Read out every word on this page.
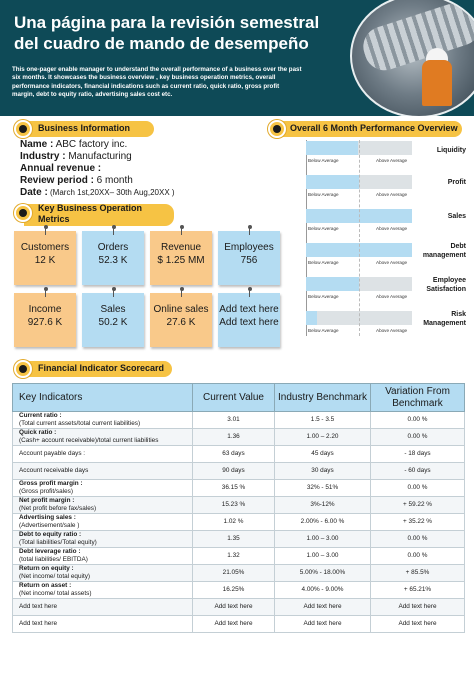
Una página para la revisión semestral del cuadro de mando de desempeño
This one-pager enable manager to understand the overall performance of a business over the past six months. It showcases the business overview , key business operation metrics, overall performance indicators, financial indications such as current ratio, quick ratio, gross profit margin, debt to equity ratio, advertising sales cost etc.
Business Information
Name : ABC factory inc.
Industry : Manufacturing
Annual revenue :
Review period : 6 month
Date : (March 1st,20XX– 30th Aug,20XX )
Key Business Operation Metrics
Customers
12 K
Orders
52.3 K
Revenue
$ 1.25 MM
Employees
756
Income
927.6 K
Sales
50.2 K
Online sales
27.6 K
Add text here
Add text here
Overall 6 Month Performance Overview
Below Average	Above Average
Liquidity
Below Average	Above Average
Profit
Below Average	Above Average
Sales
Below Average	Above Average
Debt management
Below Average	Above Average
Employee Satisfaction
Below Average	Above Average
Risk Management
Financial Indicator Scorecard
Key Indicators	Current Value	Industry Benchmark	Variation From Benchmark
Current ratio :
(Total current assets/total current liabilities)	3.01	1.5 - 3.5	0.00 %
Quick ratio :
(Cash+ account receivable)/total current liabilities	1.36	1.00 – 2.20	0.00 %
Account payable days :	63 days	45 days	- 18 days
Account receivable days	90 days	30 days	- 60 days
Gross profit margin :
(Gross profit/sales)	36.15 %	32% - 51%	0.00 %
Net profit margin :
(Net profit before fax/sales)	15.23 %	3%-12%	+ 59.22 %
Advertising sales :
(Advertisement/sale )	1.02 %	2.00% - 6.00 %	+ 35.22 %
Debt to equity ratio :
(Total liabilities/Total equity)	1.35	1.00 – 3.00	0.00 %
Debt leverage ratio :
(total liabilities/ EBITDA)	1.32	1.00 – 3.00	0.00 %
Return on equity :
(Net income/ total equity)	21.05%	5.00% - 18.00%	+ 85.5%
Return on asset :
(Net income/ total assets)	16.25%	4.00% - 9.00%	+ 65.21%
Add text here	Add text here	Add text here	Add text here
Add text here	Add text here	Add text here	Add text here
